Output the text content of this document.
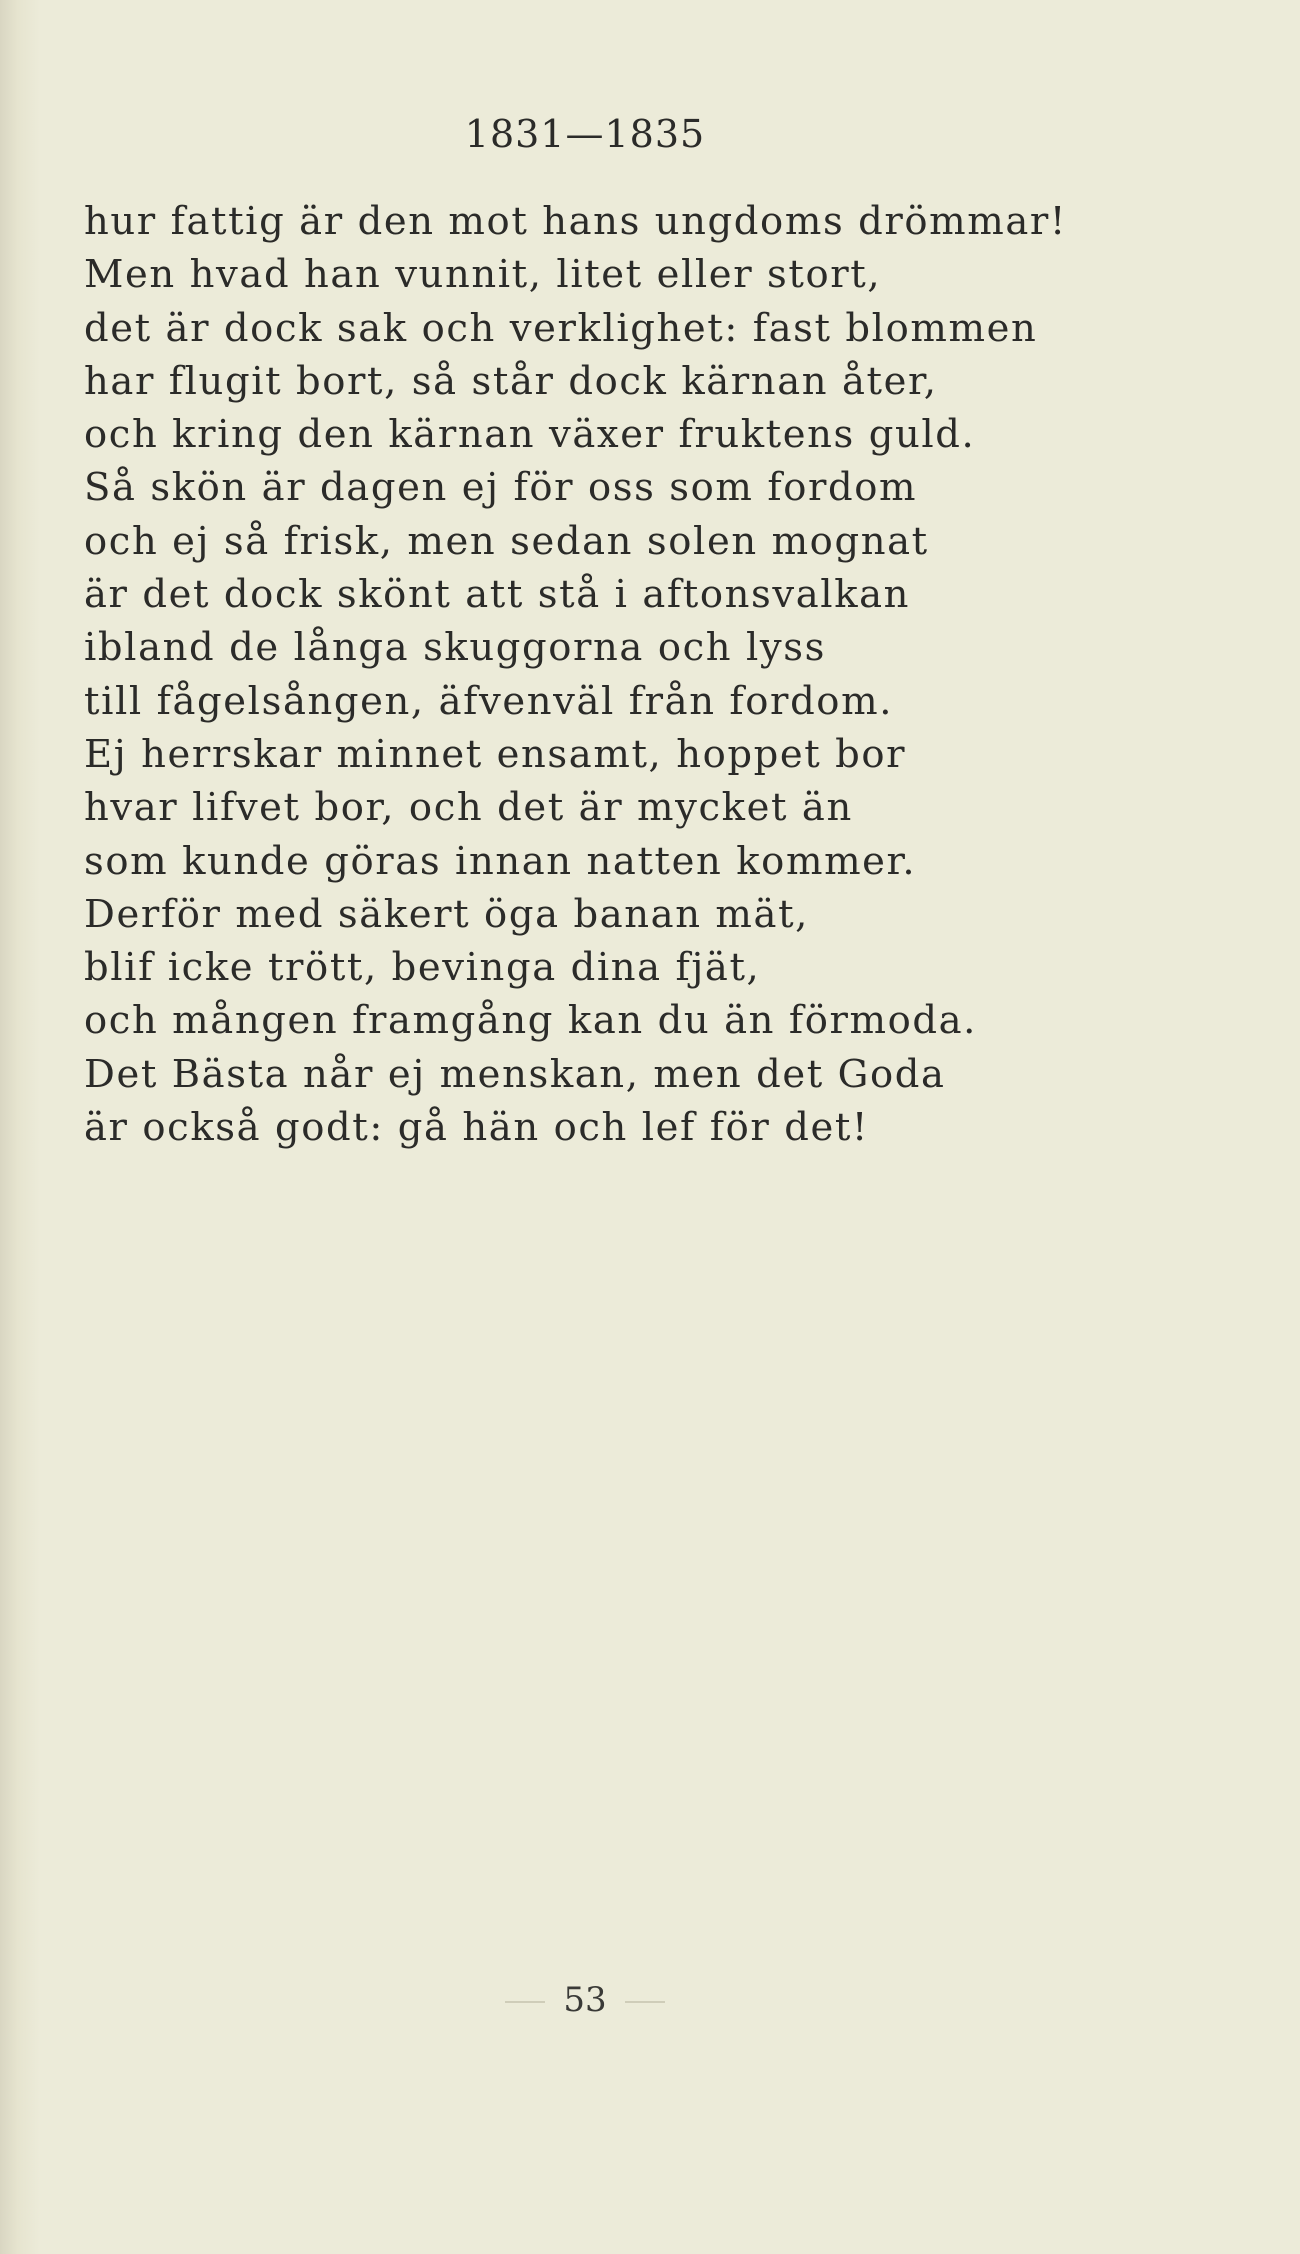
1831—1835
hur fattig är den mot hans ungdoms drömmar!
Men hvad han vunnit, litet eller stort,
det är dock sak och verklighet: fast blommen
har flugit bort, så står dock kärnan åter,
och kring den kärnan växer fruktens guld.
Så skön är dagen ej för oss som fordom
och ej så frisk, men sedan solen mognat
är det dock skönt att stå i aftonsvalkan
ibland de långa skuggorna och lyss
till fågelsången, äfvenväl från fordom.
Ej herrskar minnet ensamt, hoppet bor
hvar lifvet bor, och det är mycket än
som kunde göras innan natten kommer.
Derför med säkert öga banan mät,
blif icke trött, bevinga dina fjät,
och mången framgång kan du än förmoda.
Det Bästa når ej menskan, men det Goda
är också godt: gå hän och lef för det!
53
